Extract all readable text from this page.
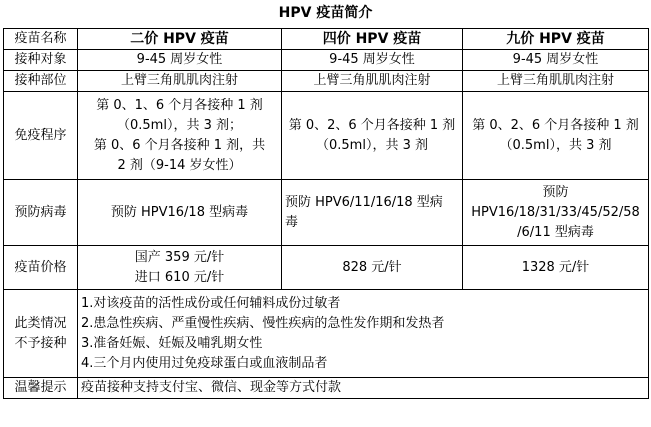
HPV 疫苗简介
疫苗名称	二价 HPV 疫苗	四价 HPV 疫苗	九价 HPV 疫苗
接种对象	9-45 周岁女性	9-45 周岁女性	9-45 周岁女性
接种部位	上臂三角肌肌肉注射	上臂三角肌肌肉注射	上臂三角肌肌肉注射
免疫程序	第 0、1、6 个月各接种 1 剂
（0.5ml），共 3 剂；
第 0、6 个月各接种 1 剂，共
2 剂（9-14 岁女性）	第 0、2、6 个月各接种 1 剂
（0.5ml），共 3 剂	第 0、2、6 个月各接种 1 剂
（0.5ml），共 3 剂

预防病毒	预防 HPV16/18 型病毒	预防 HPV6/11/16/18 型病
毒	预防
HPV16/18/31/33/45/52/58
/6/11 型病毒

疫苗价格	国产 359 元/针
进口 610 元/针	828 元/针	1328 元/针

此类情况
不予接种	1.对该疫苗的活性成份或任何辅料成份过敏者
2.患急性疾病、严重慢性疾病、慢性疾病的急性发作期和发热者
3.准备妊娠、妊娠及哺乳期女性
4.三个月内使用过免疫球蛋白或血液制品者		

温馨提示	疫苗接种支持支付宝、微信、现金等方式付款		
